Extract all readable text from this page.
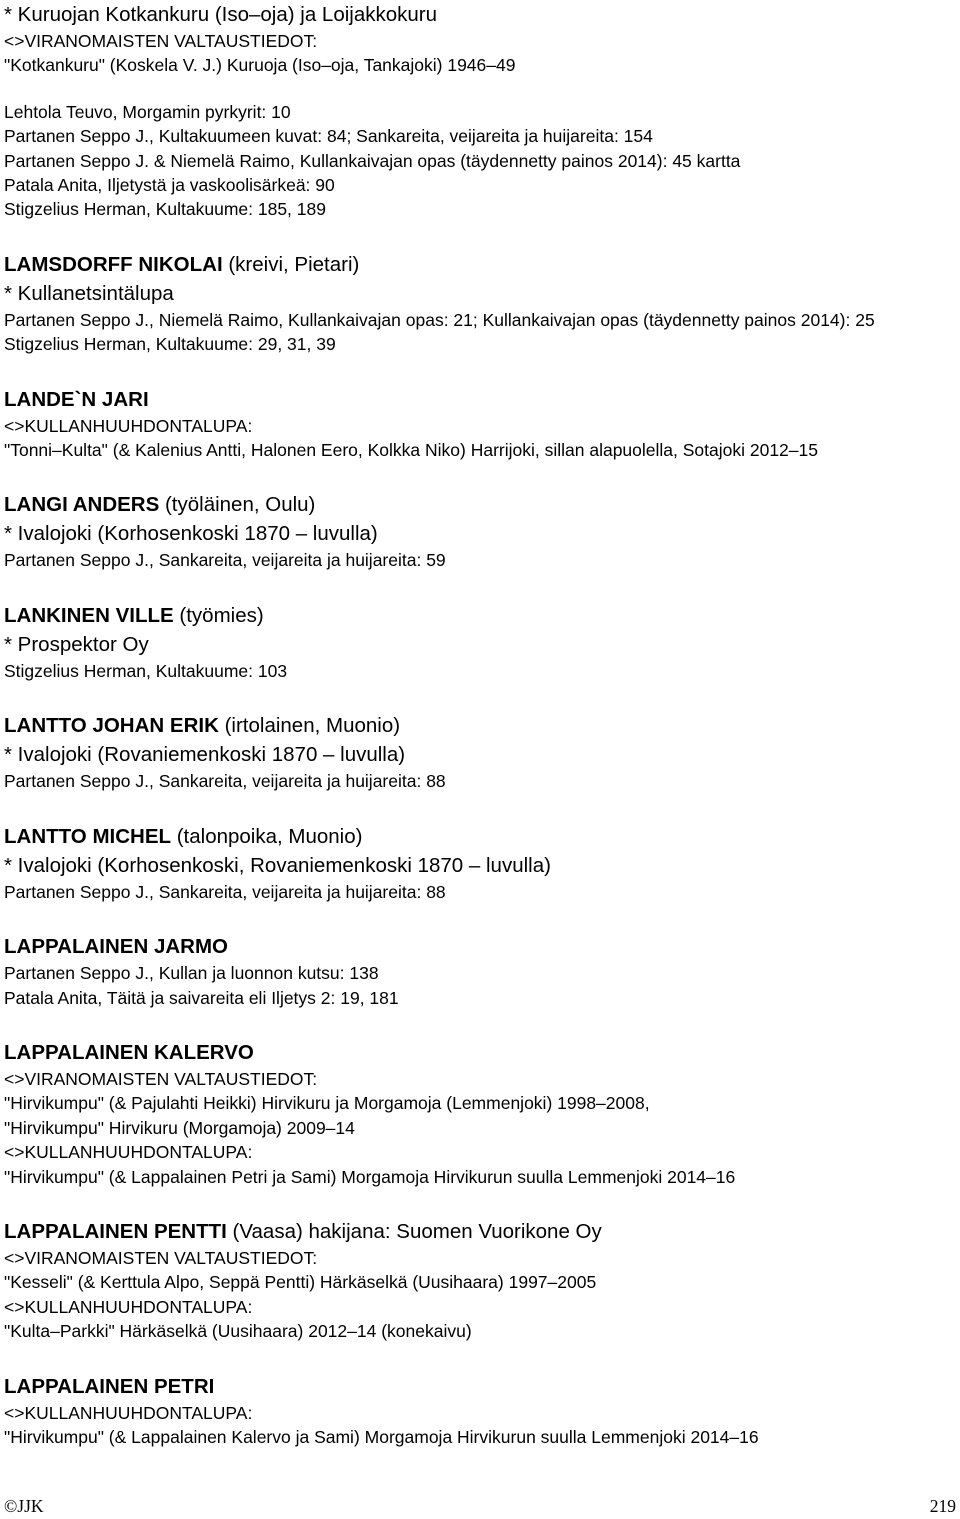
* Kuruojan Kotkankuru (Iso–oja) ja Loijakkokuru
<>VIRANOMAISTEN VALTAUSTIEDOT:
"Kotkankuru" (Koskela V. J.) Kuruoja (Iso–oja, Tankajoki) 1946–49
Lehtola Teuvo, Morgamin pyrkyrit: 10
Partanen Seppo J., Kultakuumeen kuvat: 84; Sankareita, veijareita ja huijareita: 154
Partanen Seppo J. & Niemelä Raimo, Kullankaivajan opas (täydennetty painos 2014): 45 kartta
Patala Anita, Iljetystä ja vaskoolisärkeä: 90
Stigzelius Herman, Kultakuume: 185, 189
LAMSDORFF NIKOLAI (kreivi, Pietari)
* Kullanetsintälupa
Partanen Seppo J., Niemelä Raimo, Kullankaivajan opas: 21; Kullankaivajan opas (täydennetty painos 2014): 25
Stigzelius Herman, Kultakuume: 29, 31, 39
LANDE`N JARI
<>KULLANHUUHDONTALUPA:
"Tonni–Kulta" (& Kalenius Antti, Halonen Eero, Kolkka Niko) Harrijoki, sillan alapuolella, Sotajoki 2012–15
LANGI ANDERS (työläinen, Oulu)
* Ivalojoki (Korhosenkoski 1870 – luvulla)
Partanen Seppo J., Sankareita, veijareita ja huijareita: 59
LANKINEN VILLE (työmies)
* Prospektor Oy
Stigzelius Herman, Kultakuume: 103
LANTTO JOHAN ERIK (irtolainen, Muonio)
* Ivalojoki (Rovaniemenkoski 1870 – luvulla)
Partanen Seppo J., Sankareita, veijareita ja huijareita: 88
LANTTO MICHEL (talonpoika, Muonio)
* Ivalojoki (Korhosenkoski, Rovaniemenkoski 1870 – luvulla)
Partanen Seppo J., Sankareita, veijareita ja huijareita: 88
LAPPALAINEN JARMO
Partanen Seppo J., Kullan ja luonnon kutsu: 138
Patala Anita, Täitä ja saivareita eli Iljetys 2: 19, 181
LAPPALAINEN KALERVO
<>VIRANOMAISTEN VALTAUSTIEDOT:
"Hirvikumpu" (& Pajulahti Heikki) Hirvikuru ja Morgamoja (Lemmenjoki) 1998–2008,
"Hirvikumpu" Hirvikuru (Morgamoja) 2009–14
<>KULLANHUUHDONTALUPA:
"Hirvikumpu" (& Lappalainen Petri ja Sami) Morgamoja Hirvikurun suulla Lemmenjoki 2014–16
LAPPALAINEN PENTTI (Vaasa) hakijana: Suomen Vuorikone Oy
<>VIRANOMAISTEN VALTAUSTIEDOT:
"Kesseli" (& Kerttula Alpo, Seppä Pentti) Härkäselkä (Uusihaara) 1997–2005
<>KULLANHUUHDONTALUPA:
"Kulta–Parkki" Härkäselkä (Uusihaara) 2012–14 (konekaivu)
LAPPALAINEN PETRI
<>KULLANHUUHDONTALUPA:
"Hirvikumpu" (& Lappalainen Kalervo ja Sami) Morgamoja Hirvikurun suulla Lemmenjoki 2014–16
©JJK	219
